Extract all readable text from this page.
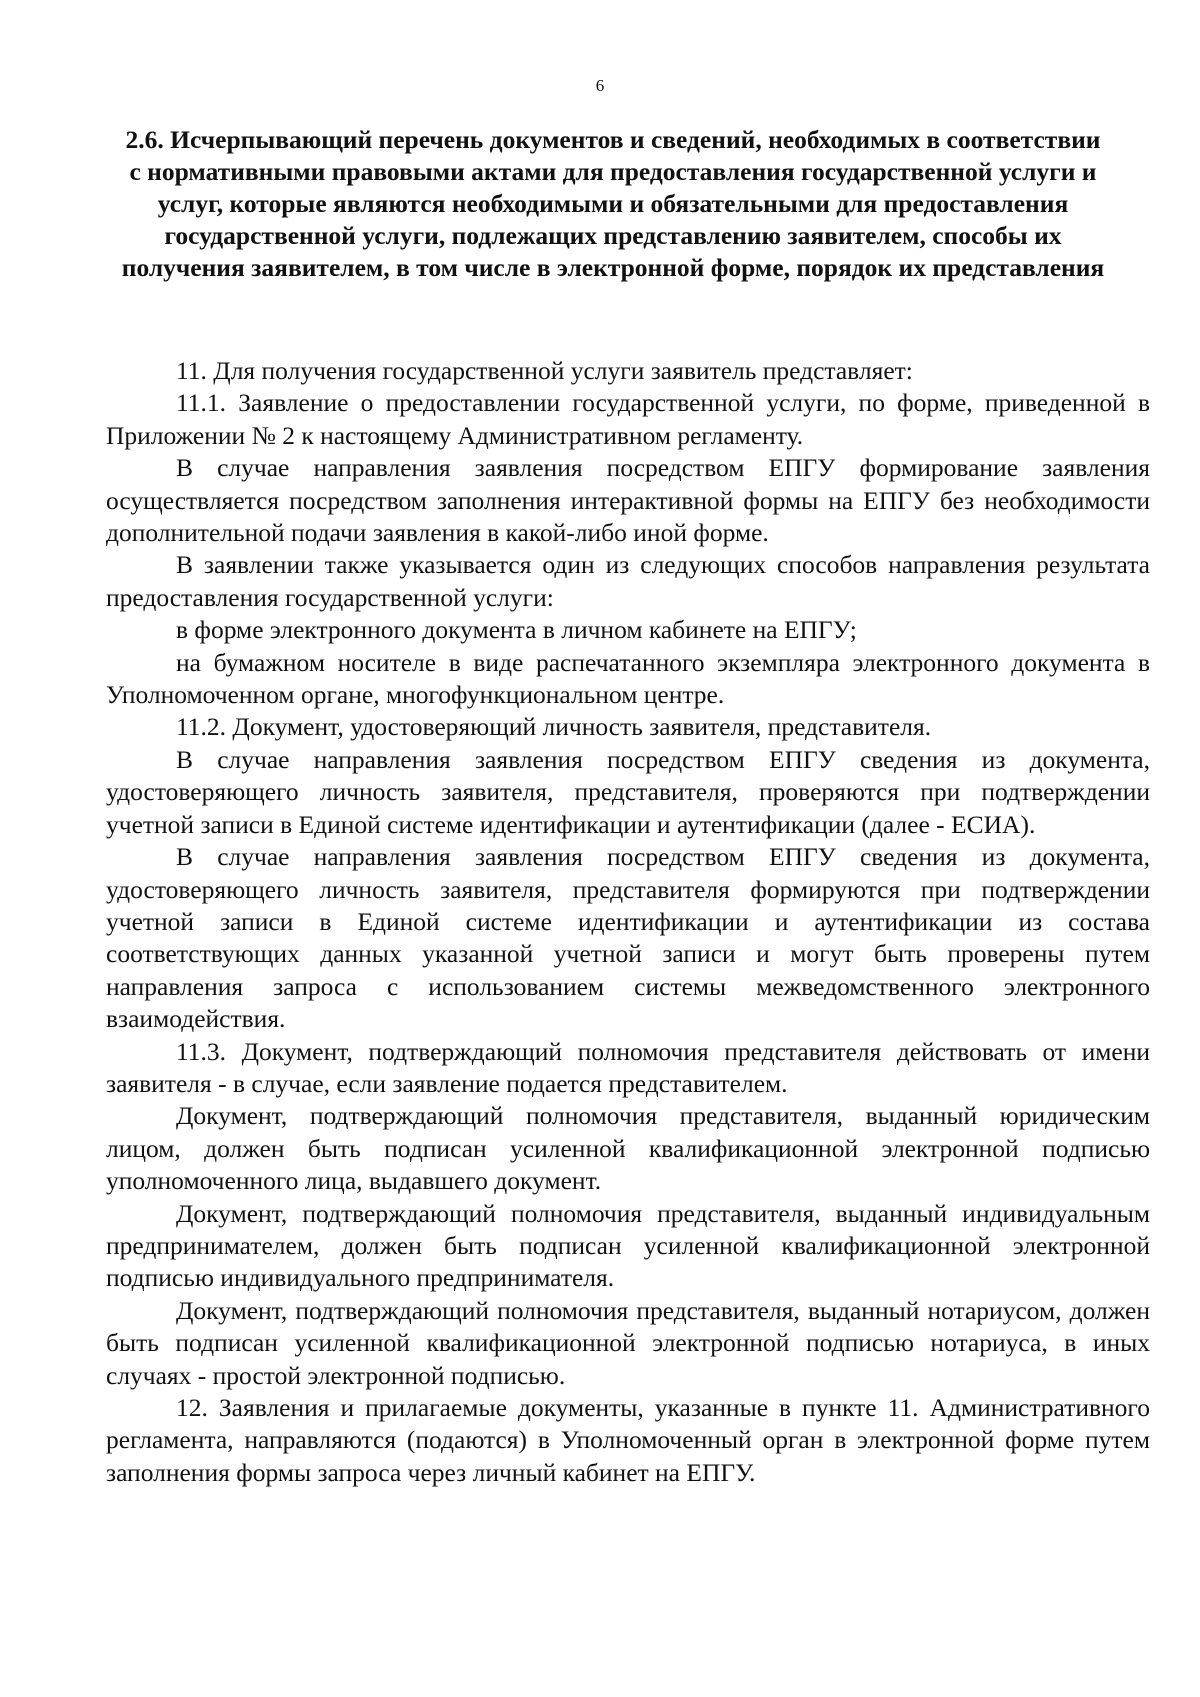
6
2.6. Исчерпывающий перечень документов и сведений, необходимых в соответствии с нормативными правовыми актами для предоставления государственной услуги и услуг, которые являются необходимыми и обязательными для предоставления государственной услуги, подлежащих представлению заявителем, способы их получения заявителем, в том числе в электронной форме, порядок их представления

11. Для получения государственной услуги заявитель представляет:

11.1. Заявление о предоставлении государственной услуги, по форме, приведенной в Приложении № 2 к настоящему Административном регламенту.

В случае направления заявления посредством ЕПГУ формирование заявления осуществляется посредством заполнения интерактивной формы на ЕПГУ без необходимости дополнительной подачи заявления в какой-либо иной форме.

В заявлении также указывается один из следующих способов направления результата предоставления государственной услуги:

в форме электронного документа в личном кабинете на ЕПГУ;

на бумажном носителе в виде распечатанного экземпляра электронного документа в Уполномоченном органе, многофункциональном центре.

11.2. Документ, удостоверяющий личность заявителя, представителя.

В случае направления заявления посредством ЕПГУ сведения из документа, удостоверяющего личность заявителя, представителя, проверяются при подтверждении учетной записи в Единой системе идентификации и аутентификации (далее - ЕСИА).

В случае направления заявления посредством ЕПГУ сведения из документа, удостоверяющего личность заявителя, представителя формируются при подтверждении учетной записи в Единой системе идентификации и аутентификации из состава соответствующих данных указанной учетной записи и могут быть проверены путем направления запроса с использованием системы межведомственного электронного взаимодействия.

11.3. Документ, подтверждающий полномочия представителя действовать от имени заявителя - в случае, если заявление подается представителем.

Документ, подтверждающий полномочия представителя, выданный юридическим лицом, должен быть подписан усиленной квалификационной электронной подписью уполномоченного лица, выдавшего документ.

Документ, подтверждающий полномочия представителя, выданный индивидуальным предпринимателем, должен быть подписан усиленной квалификационной электронной подписью индивидуального предпринимателя.

Документ, подтверждающий полномочия представителя, выданный нотариусом, должен быть подписан усиленной квалификационной электронной подписью нотариуса, в иных случаях - простой электронной подписью.

12. Заявления и прилагаемые документы, указанные в пункте 11. Административного регламента, направляются (подаются) в Уполномоченный орган в электронной форме путем заполнения формы запроса через личный кабинет на ЕПГУ.
